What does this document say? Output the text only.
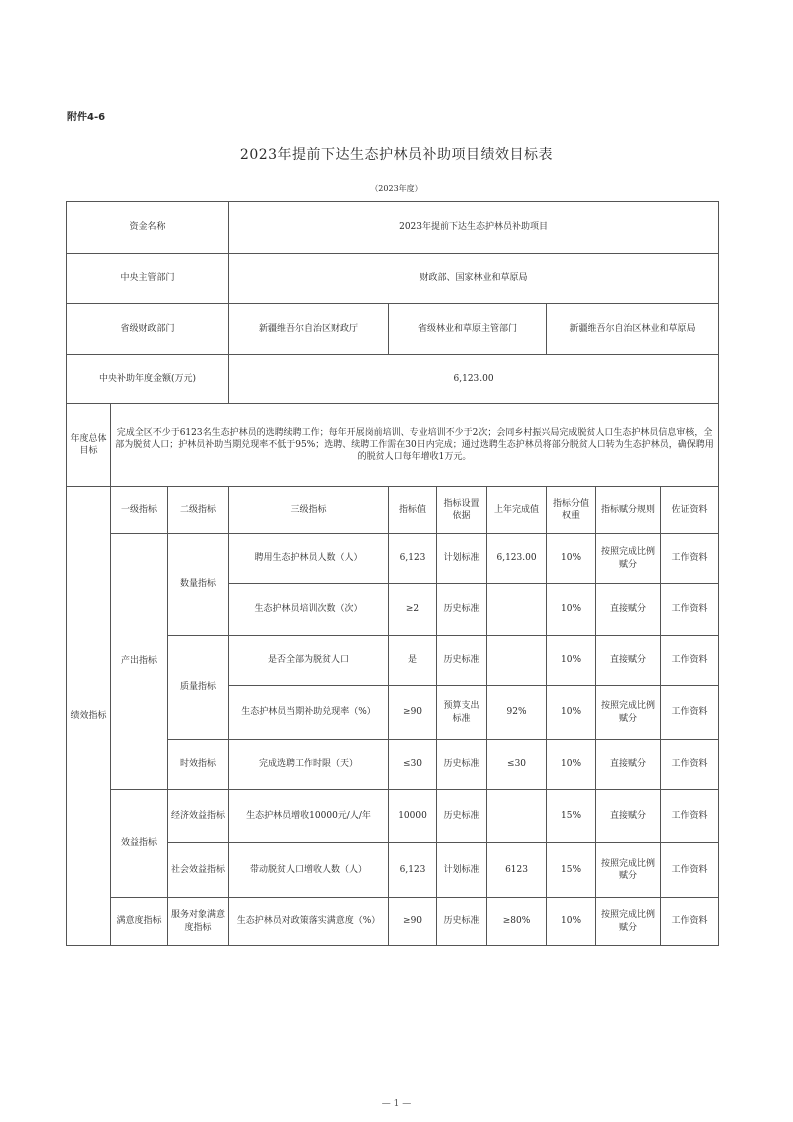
附件4-6
2023年提前下达生态护林员补助项目绩效目标表
（2023年度）
资金名称			2023年提前下达生态护林员补助项目						
中央主管部门			财政部、国家林业和草原局						
省级财政部门			新疆维吾尔自治区财政厅	省级林业和草原主管部门			新疆维吾尔自治区林业和草原局		
中央补助年度金额(万元)			6,123.00						
年度总体目标	完成全区不少于6123名生态护林员的选聘续聘工作；每年开展岗前培训、专业培训不少于2次；会同乡村振兴局完成脱贫人口生态护林员信息审核，全部为脱贫人口；护林员补助当期兑现率不低于95%；选聘、续聘工作需在30日内完成；通过选聘生态护林员将部分脱贫人口转为生态护林员，确保聘用的脱贫人口每年增收1万元。								
绩效指标	一级指标	二级指标	三级指标	指标值	指标设置依据	上年完成值	指标分值权重	指标赋分规则	佐证资料
	产出指标	数量指标	聘用生态护林员人数（人）	6,123	计划标准	6,123.00	10%	按照完成比例赋分	工作资料
			生态护林员培训次数（次）	≥2	历史标准		10%	直接赋分	工作资料
		质量指标	是否全部为脱贫人口	是	历史标准		10%	直接赋分	工作资料
			生态护林员当期补助兑现率（%）	≥90	预算支出标准	92%	10%	按照完成比例赋分	工作资料
		时效指标	完成选聘工作时限（天）	≤30	历史标准	≤30	10%	直接赋分	工作资料
	效益指标	经济效益指标	生态护林员增收10000元/人/年	10000	历史标准		15%	直接赋分	工作资料
		社会效益指标	带动脱贫人口增收人数（人）	6,123	计划标准	6123	15%	按照完成比例赋分	工作资料
	满意度指标	服务对象满意度指标	生态护林员对政策落实满意度（%）	≥90	历史标准	≥80%	10%	按照完成比例赋分	工作资料
— 1 —
